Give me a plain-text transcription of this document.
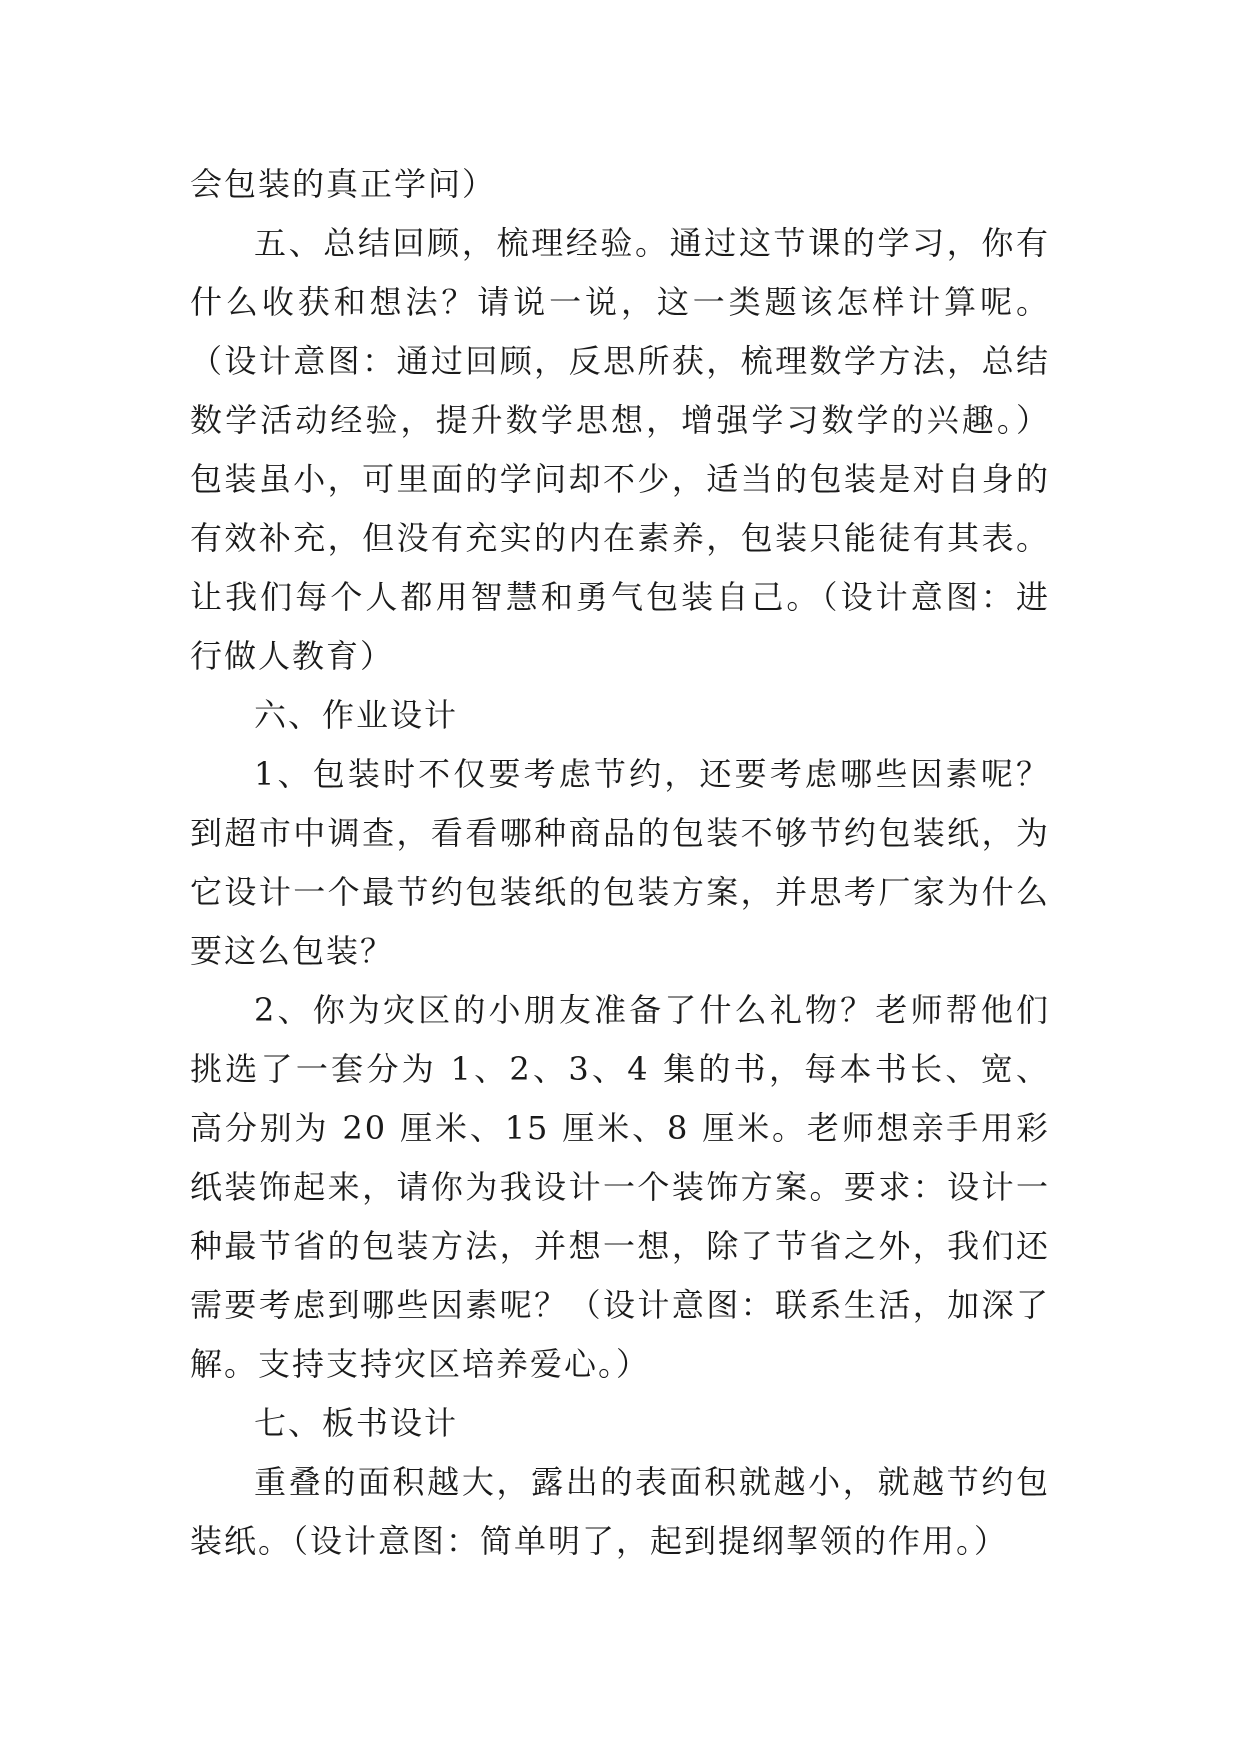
会包装的真正学问）

五、总结回顾，梳理经验。通过这节课的学习，你有什么收获和想法？请说一说，这一类题该怎样计算呢。（设计意图：通过回顾，反思所获，梳理数学方法，总结数学活动经验，提升数学思想，增强学习数学的兴趣。）包装虽小，可里面的学问却不少，适当的包装是对自身的有效补充，但没有充实的内在素养，包装只能徒有其表。让我们每个人都用智慧和勇气包装自己。（设计意图：进行做人教育）

六、作业设计

1、包装时不仅要考虑节约，还要考虑哪些因素呢？到超市中调查，看看哪种商品的包装不够节约包装纸，为它设计一个最节约包装纸的包装方案，并思考厂家为什么要这么包装？

2、你为灾区的小朋友准备了什么礼物？老师帮他们挑选了一套分为 1、2、3、4 集的书，每本书长、宽、高分别为 20 厘米、15 厘米、8 厘米。老师想亲手用彩纸装饰起来，请你为我设计一个装饰方案。要求：设计一种最节省的包装方法，并想一想，除了节省之外，我们还需要考虑到哪些因素呢？（设计意图：联系生活，加深了解。支持支持灾区培养爱心。）

七、板书设计

重叠的面积越大，露出的表面积就越小，就越节约包装纸。（设计意图：简单明了，起到提纲挈领的作用。）
